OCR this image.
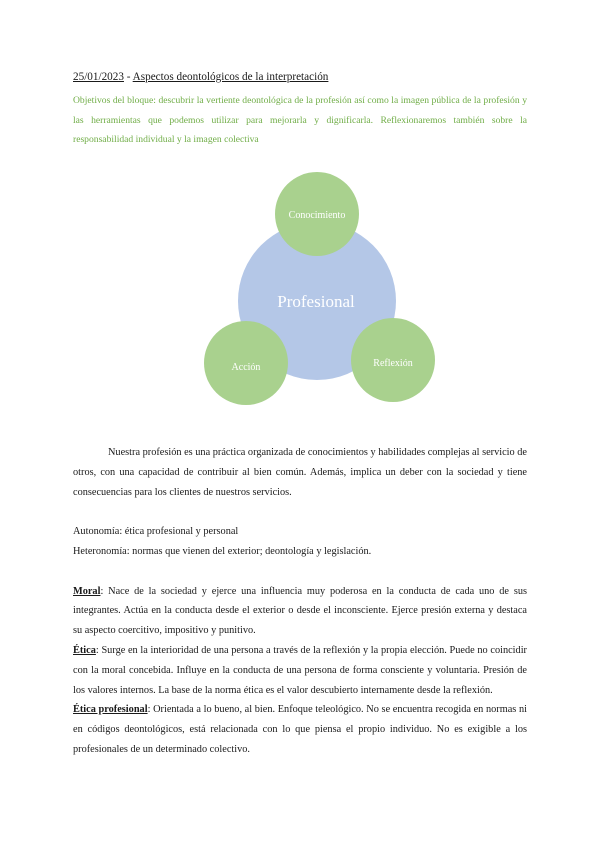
25/01/2023 - Aspectos deontológicos de la interpretación

Objetivos del bloque: descubrir la vertiente deontológica de la profesión así como la imagen pública de la profesión y las herramientas que podemos utilizar para mejorarla y dignificarla. Reflexionaremos también sobre la responsabilidad individual y la imagen colectiva

Profesional
Conocimiento
Acción	Reflexión

Nuestra profesión es una práctica organizada de conocimientos y habilidades complejas al servicio de otros, con una capacidad de contribuir al bien común. Además, implica un deber con la sociedad y tiene consecuencias para los clientes de nuestros servicios.

Autonomía: ética profesional y personal

Heteronomía: normas que vienen del exterior; deontología y legislación.

Moral: Nace de la sociedad y ejerce una influencia muy poderosa en la conducta de cada uno de sus integrantes. Actúa en la conducta desde el exterior o desde el inconsciente. Ejerce presión externa y destaca su aspecto coercitivo, impositivo y punitivo.

Ética: Surge en la interioridad de una persona a través de la reflexión y la propia elección. Puede no coincidir con la moral concebida. Influye en la conducta de una persona de forma consciente y voluntaria. Presión de los valores internos. La base de la norma ética es el valor descubierto internamente desde la reflexión.

Ética profesional: Orientada a lo bueno, al bien. Enfoque teleológico. No se encuentra recogida en normas ni en códigos deontológicos, está relacionada con lo que piensa el propio individuo. No es exigible a los profesionales de un determinado colectivo.
